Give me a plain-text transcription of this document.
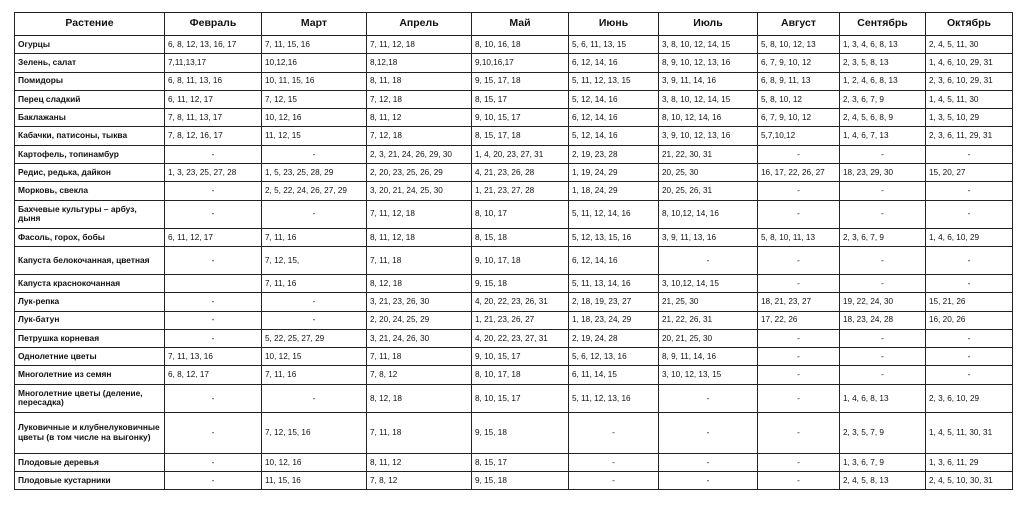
Растение	Февраль	Март	Апрель	Май	Июнь	Июль	Август	Сентябрь	Октябрь
Огурцы	6, 8, 12, 13, 16, 17	7, 11, 15, 16	7, 11, 12, 18	8, 10, 16, 18	5, 6, 11, 13, 15	3, 8, 10, 12, 14, 15	5, 8, 10, 12, 13	1, 3, 4, 6, 8, 13	2, 4, 5, 11, 30
Зелень, салат	7,11,13,17	10,12,16	8,12,18	9,10,16,17	6, 12, 14, 16	8, 9, 10, 12, 13, 16	6, 7, 9, 10, 12	2, 3, 5, 8, 13	1, 4, 6, 10, 29, 31
Помидоры	6, 8, 11, 13, 16	10, 11, 15, 16	8, 11, 18	9, 15, 17, 18	5, 11, 12, 13, 15	3, 9, 11, 14, 16	6, 8, 9, 11, 13	1, 2, 4, 6, 8, 13	2, 3, 6, 10, 29, 31
Перец сладкий	6, 11, 12, 17	7, 12, 15	7, 12, 18	8, 15, 17	5, 12, 14, 16	3, 8, 10, 12, 14, 15	5, 8, 10, 12	2, 3, 6, 7, 9	1, 4, 5, 11, 30
Баклажаны	7, 8, 11, 13, 17	10, 12, 16	8, 11, 12	9, 10, 15, 17	6, 12, 14, 16	8, 10, 12, 14, 16	6, 7, 9, 10, 12	2, 4, 5, 6, 8, 9	1, 3, 5, 10, 29
Кабачки, патисоны, тыква	7, 8, 12, 16, 17	11, 12, 15	7, 12, 18	8, 15, 17, 18	5, 12, 14, 16	3, 9, 10, 12, 13, 16	5,7,10,12	1, 4, 6, 7, 13	2, 3, 6, 11, 29, 31
Картофель, топинамбур	-	-	2, 3, 21, 24, 26, 29, 30	1, 4, 20, 23, 27, 31	2, 19, 23, 28	21, 22, 30, 31	-	-	-
Редис, редька, дайкон	1, 3, 23, 25, 27, 28	1, 5, 23, 25, 28, 29	2, 20, 23, 25, 26, 29	4, 21, 23, 26, 28	1, 19, 24, 29	20, 25, 30	16, 17, 22, 26, 27	18, 23, 29, 30	15, 20, 27
Морковь, свекла	-	2, 5, 22, 24, 26, 27, 29	3, 20, 21, 24, 25, 30	1, 21, 23, 27, 28	1, 18, 24, 29	20, 25, 26, 31	-	-	-
Бахчевые культуры – арбуз, дыня	-	-	7, 11, 12, 18	8, 10, 17	5, 11, 12, 14, 16	8, 10,12, 14, 16	-	-	-
Фасоль, горох, бобы	6, 11, 12, 17	7, 11, 16	8, 11, 12, 18	8, 15, 18	5, 12, 13, 15, 16	3, 9, 11, 13, 16	5, 8, 10, 11, 13	2, 3, 6, 7, 9	1, 4, 6, 10, 29
Капуста белокочанная, цветная	-	7, 12, 15,	7, 11, 18	9, 10, 17, 18	6, 12, 14, 16	-	-	-	-
Капуста краснокочанная		7, 11, 16	8, 12, 18	9, 15, 18	5, 11, 13, 14, 16	3, 10,12, 14, 15	-	-	-
Лук-репка	-	-	3, 21, 23, 26, 30	4, 20, 22, 23, 26, 31	2, 18, 19, 23, 27	21, 25, 30	18, 21, 23, 27	19, 22, 24, 30	15, 21, 26
Лук-батун	-	-	2, 20, 24, 25, 29	1, 21, 23, 26, 27	1, 18, 23, 24, 29	21, 22, 26, 31	17, 22, 26	18, 23, 24, 28	16, 20, 26
Петрушка корневая	-	5, 22, 25, 27, 29	3, 21, 24, 26, 30	4, 20, 22, 23, 27, 31	2, 19, 24, 28	20, 21, 25, 30	-	-	-
Однолетние цветы	7, 11, 13, 16	10, 12, 15	7, 11, 18	9, 10, 15, 17	5, 6, 12, 13, 16	8, 9, 11, 14, 16	-	-	-
Многолетние из семян	6, 8, 12, 17	7, 11, 16	7, 8, 12	8, 10, 17, 18	6, 11, 14, 15	3, 10, 12, 13, 15	-	-	-
Многолетние цветы (деление, пересадка)	-	-	8, 12, 18	8, 10, 15, 17	5, 11, 12, 13, 16	-	-	1, 4, 6, 8, 13	2, 3, 6, 10, 29
Луковичные и клубнелуковичные цветы (в том числе на выгонку)	-	7, 12, 15, 16	7, 11, 18	9, 15, 18	-	-	-	2, 3, 5, 7, 9	1, 4, 5, 11, 30, 31
Плодовые деревья	-	10, 12, 16	8, 11, 12	8, 15, 17	-	-	-	1, 3, 6, 7, 9	1, 3, 6, 11, 29
Плодовые кустарники	-	11, 15, 16	7, 8, 12	9, 15, 18	-	-	-	2, 4, 5, 8, 13	2, 4, 5, 10, 30, 31
